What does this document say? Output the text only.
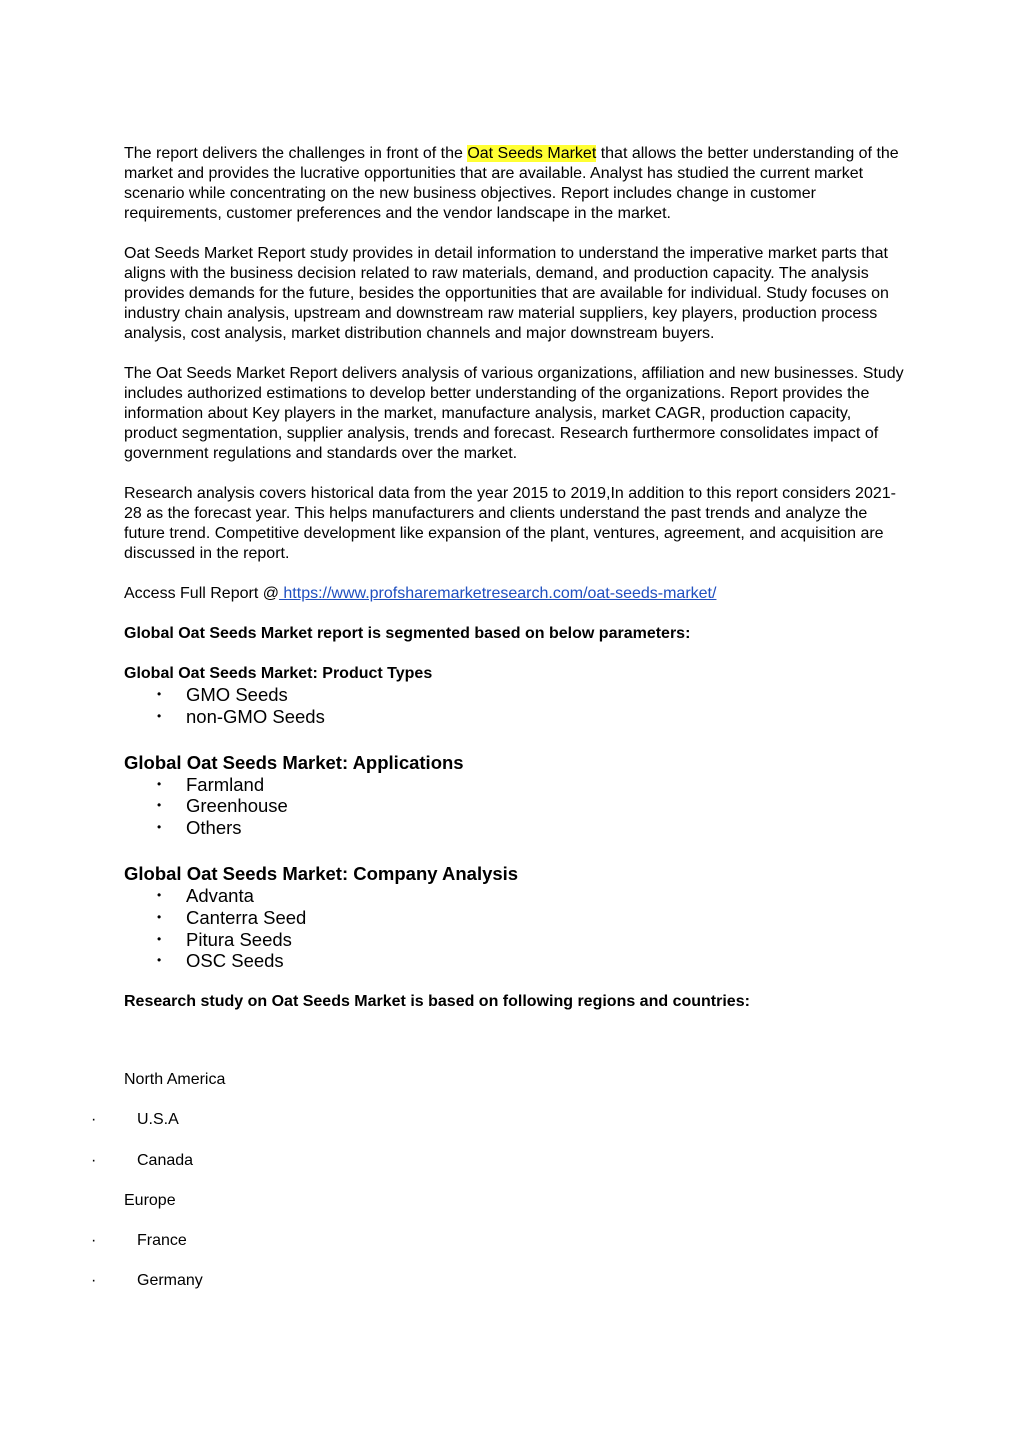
The report delivers the challenges in front of the Oat Seeds Market that allows the better understanding of the market and provides the lucrative opportunities that are available. Analyst has studied the current market scenario while concentrating on the new business objectives. Report includes change in customer requirements, customer preferences and the vendor landscape in the market.

Oat Seeds Market Report study provides in detail information to understand the imperative market parts that aligns with the business decision related to raw materials, demand, and production capacity. The analysis provides demands for the future, besides the opportunities that are available for individual. Study focuses on industry chain analysis, upstream and downstream raw material suppliers, key players, production process analysis, cost analysis, market distribution channels and major downstream buyers.

The Oat Seeds Market Report delivers analysis of various organizations, affiliation and new businesses. Study includes authorized estimations to develop better understanding of the organizations. Report provides the information about Key players in the market, manufacture analysis, market CAGR, production capacity, product segmentation, supplier analysis, trends and forecast. Research furthermore consolidates impact of government regulations and standards over the market.

Research analysis covers historical data from the year 2015 to 2019,In addition to this report considers 2021-28 as the forecast year. This helps manufacturers and clients understand the past trends and analyze the future trend. Competitive development like expansion of the plant, ventures, agreement, and acquisition are discussed in the report.

Access Full Report @ https://www.profsharemarketresearch.com/oat-seeds-market/

Global Oat Seeds Market report is segmented based on below parameters:
Global Oat Seeds Market: Product Types
• GMO Seeds
• non-GMO Seeds
Global Oat Seeds Market: Applications
• Farmland
• Greenhouse
• Others
Global Oat Seeds Market: Company Analysis
• Advanta
• Canterra Seed
• Pitura Seeds
• OSC Seeds
Research study on Oat Seeds Market is based on following regions and countries:
North America
·	U.S.A
·	Canada
Europe
·	France
·	Germany
